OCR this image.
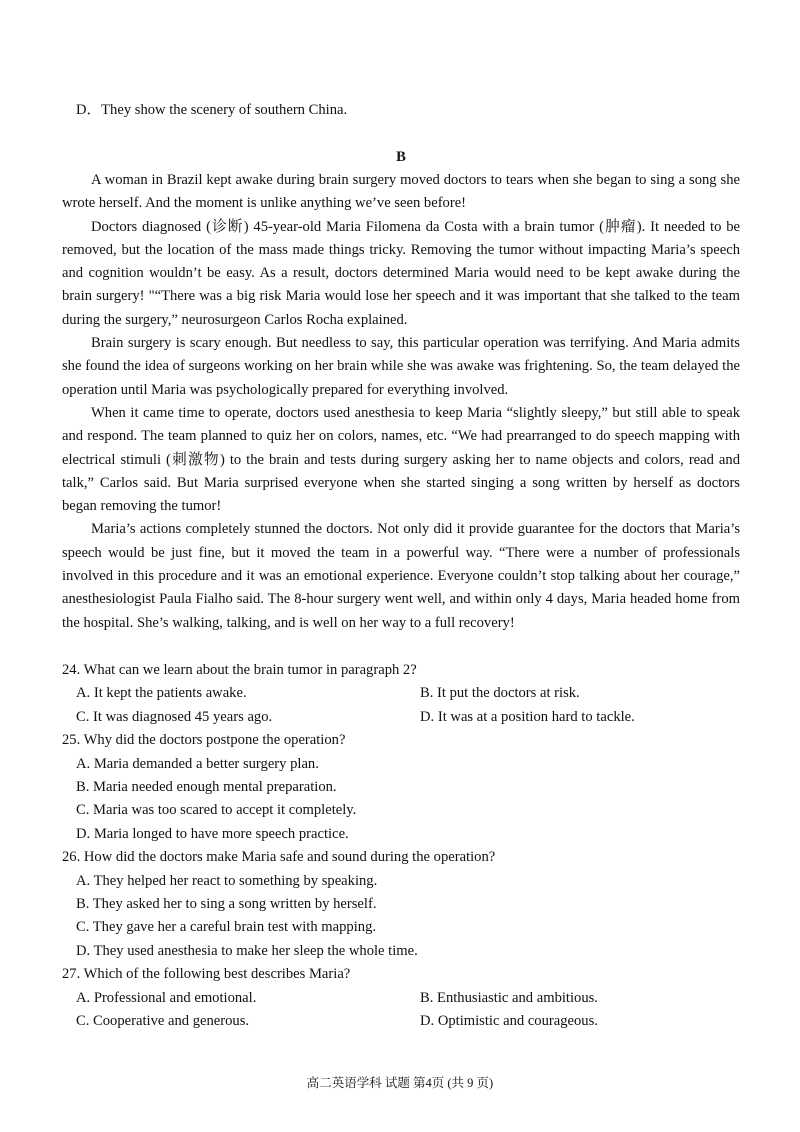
D．They show the scenery of southern China.
B

A woman in Brazil kept awake during brain surgery moved doctors to tears when she began to sing a song she wrote herself. And the moment is unlike anything we’ve seen before!

Doctors diagnosed (诊断) 45-year-old Maria Filomena da Costa with a brain tumor (肿瘤). It needed to be removed, but the location of the mass made things tricky. Removing the tumor without impacting Maria’s speech and cognition wouldn’t be easy. As a result, doctors determined Maria would need to be kept awake during the brain surgery! "“There was a big risk Maria would lose her speech and it was important that she talked to the team during the surgery,” neurosurgeon Carlos Rocha explained.

Brain surgery is scary enough. But needless to say, this particular operation was terrifying. And Maria admits she found the idea of surgeons working on her brain while she was awake was frightening. So, the team delayed the operation until Maria was psychologically prepared for everything involved.

When it came time to operate, doctors used anesthesia to keep Maria “slightly sleepy,” but still able to speak and respond. The team planned to quiz her on colors, names, etc. “We had prearranged to do speech mapping with electrical stimuli (刺激物) to the brain and tests during surgery asking her to name objects and colors, read and talk,” Carlos said. But Maria surprised everyone when she started singing a song written by herself as doctors began removing the tumor!

Maria’s actions completely stunned the doctors. Not only did it provide guarantee for the doctors that Maria’s speech would be just fine, but it moved the team in a powerful way. “There were a number of professionals involved in this procedure and it was an emotional experience. Everyone couldn’t stop talking about her courage,” anesthesiologist Paula Fialho said. The 8-hour surgery went well, and within only 4 days, Maria headed home from the hospital. She’s walking, talking, and is well on her way to a full recovery!

24. What can we learn about the brain tumor in paragraph 2?
A. It kept the patients awake.	B. It put the doctors at risk.
C. It was diagnosed 45 years ago.	D. It was at a position hard to tackle.
25. Why did the doctors postpone the operation?
A. Maria demanded a better surgery plan.
B. Maria needed enough mental preparation.
C. Maria was too scared to accept it completely.
D. Maria longed to have more speech practice.
26. How did the doctors make Maria safe and sound during the operation?
A. They helped her react to something by speaking.
B. They asked her to sing a song written by herself.
C. They gave her a careful brain test with mapping.
D. They used anesthesia to make her sleep the whole time.
27. Which of the following best describes Maria?
A. Professional and emotional.	B. Enthusiastic and ambitious.
C. Cooperative and generous.	D. Optimistic and courageous.
高二英语学科 试题 第4页 (共 9 页)
